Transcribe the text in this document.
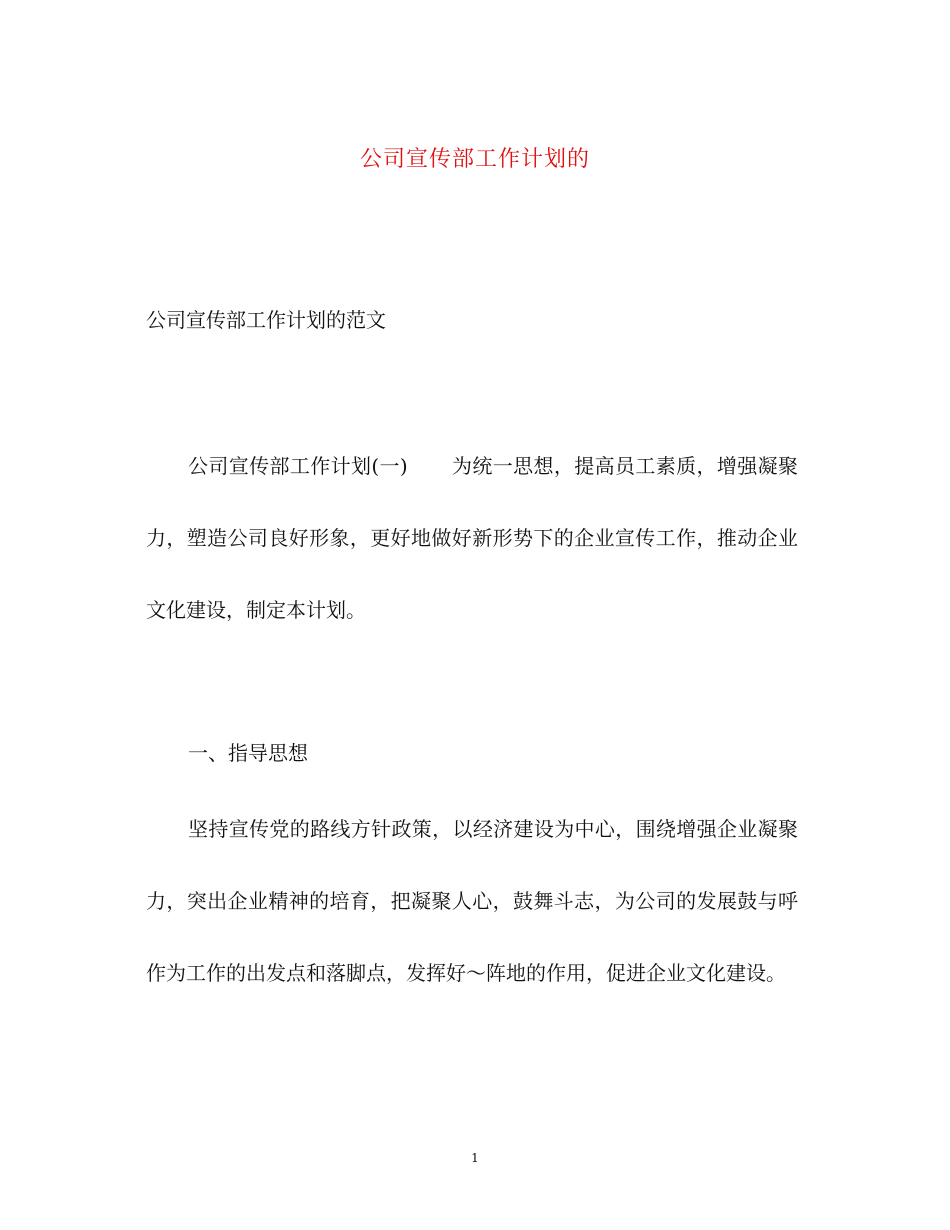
公司宣传部工作计划的
公司宣传部工作计划的范文
公司宣传部工作计划(一) 为统一思想，提高员工素质，增强凝聚力，塑造公司良好形象，更好地做好新形势下的企业宣传工作，推动企业文化建设，制定本计划。
一、指导思想
坚持宣传党的路线方针政策，以经济建设为中心，围绕增强企业凝聚力，突出企业精神的培育，把凝聚人心，鼓舞斗志，为公司的发展鼓与呼作为工作的出发点和落脚点，发挥好～阵地的作用，促进企业文化建设。
1
